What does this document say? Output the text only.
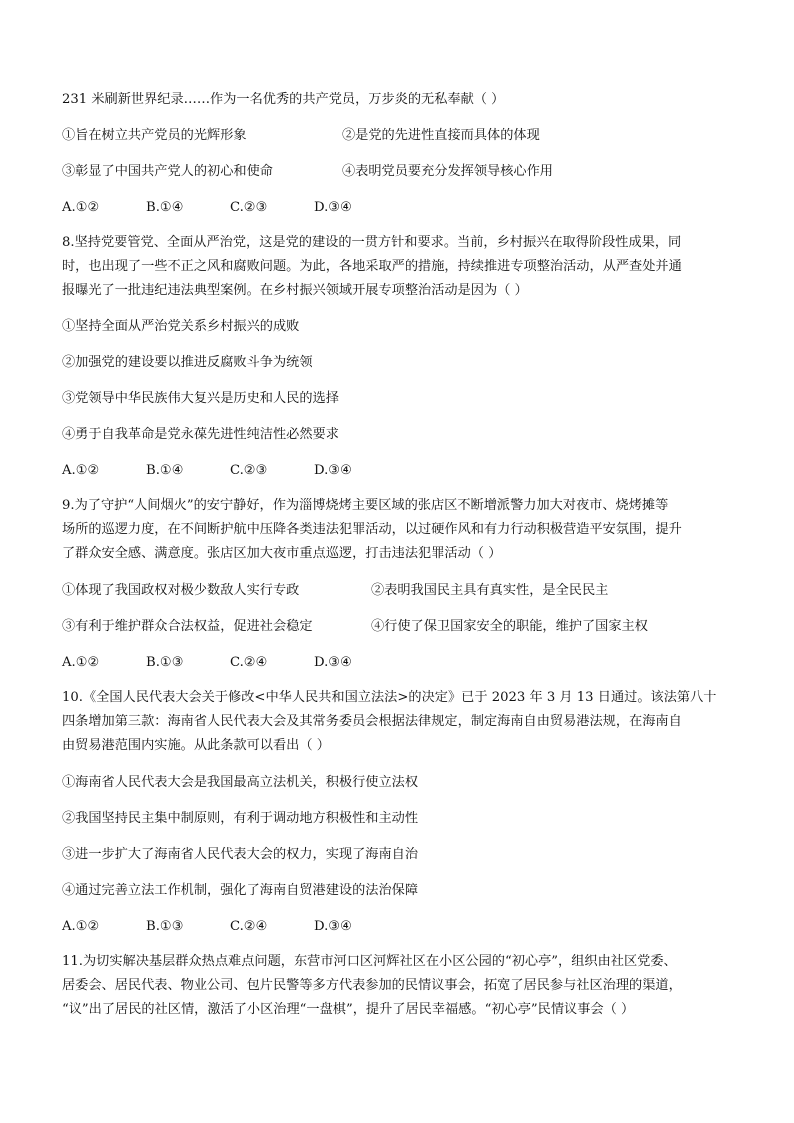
231 米刷新世界纪录……作为一名优秀的共产党员，万步炎的无私奉献（ ）
①旨在树立共产党员的光辉形象	②是党的先进性直接而具体的体现
③彰显了中国共产党人的初心和使命	④表明党员要充分发挥领导核心作用
A.①②	B.①④	C.②③	D.③④
8.坚持党要管党、全面从严治党，这是党的建设的一贯方针和要求。当前，乡村振兴在取得阶段性成果，同
时，也出现了一些不正之风和腐败问题。为此，各地采取严的措施，持续推进专项整治活动，从严查处并通
报曝光了一批违纪违法典型案例。在乡村振兴领域开展专项整治活动是因为（ ）
①坚持全面从严治党关系乡村振兴的成败
②加强党的建设要以推进反腐败斗争为统领
③党领导中华民族伟大复兴是历史和人民的选择
④勇于自我革命是党永葆先进性纯洁性必然要求
A.①②	B.①④	C.②③	D.③④
9.为了守护“人间烟火”的安宁静好，作为淄博烧烤主要区域的张店区不断增派警力加大对夜市、烧烤摊等
场所的巡逻力度，在不间断护航中压降各类违法犯罪活动，以过硬作风和有力行动积极营造平安氛围，提升
了群众安全感、满意度。张店区加大夜市重点巡逻，打击违法犯罪活动（ ）
①体现了我国政权对极少数敌人实行专政	②表明我国民主具有真实性，是全民民主
③有利于维护群众合法权益，促进社会稳定	④行使了保卫国家安全的职能，维护了国家主权
A.①②	B.①③	C.②④	D.③④
10.《全国人民代表大会关于修改<中华人民共和国立法法>的决定》已于 2023 年 3 月 13 日通过。该法第八十
四条增加第三款：海南省人民代表大会及其常务委员会根据法律规定，制定海南自由贸易港法规，在海南自
由贸易港范围内实施。从此条款可以看出（ ）
①海南省人民代表大会是我国最高立法机关，积极行使立法权
②我国坚持民主集中制原则，有利于调动地方积极性和主动性
③进一步扩大了海南省人民代表大会的权力，实现了海南自治
④通过完善立法工作机制，强化了海南自贸港建设的法治保障
A.①②	B.①③	C.②④	D.③④
11.为切实解决基层群众热点难点问题，东营市河口区河辉社区在小区公园的“初心亭”，组织由社区党委、
居委会、居民代表、物业公司、包片民警等多方代表参加的民情议事会，拓宽了居民参与社区治理的渠道，
“议”出了居民的社区情，激活了小区治理“一盘棋”，提升了居民幸福感。“初心亭”民情议事会（ ）
